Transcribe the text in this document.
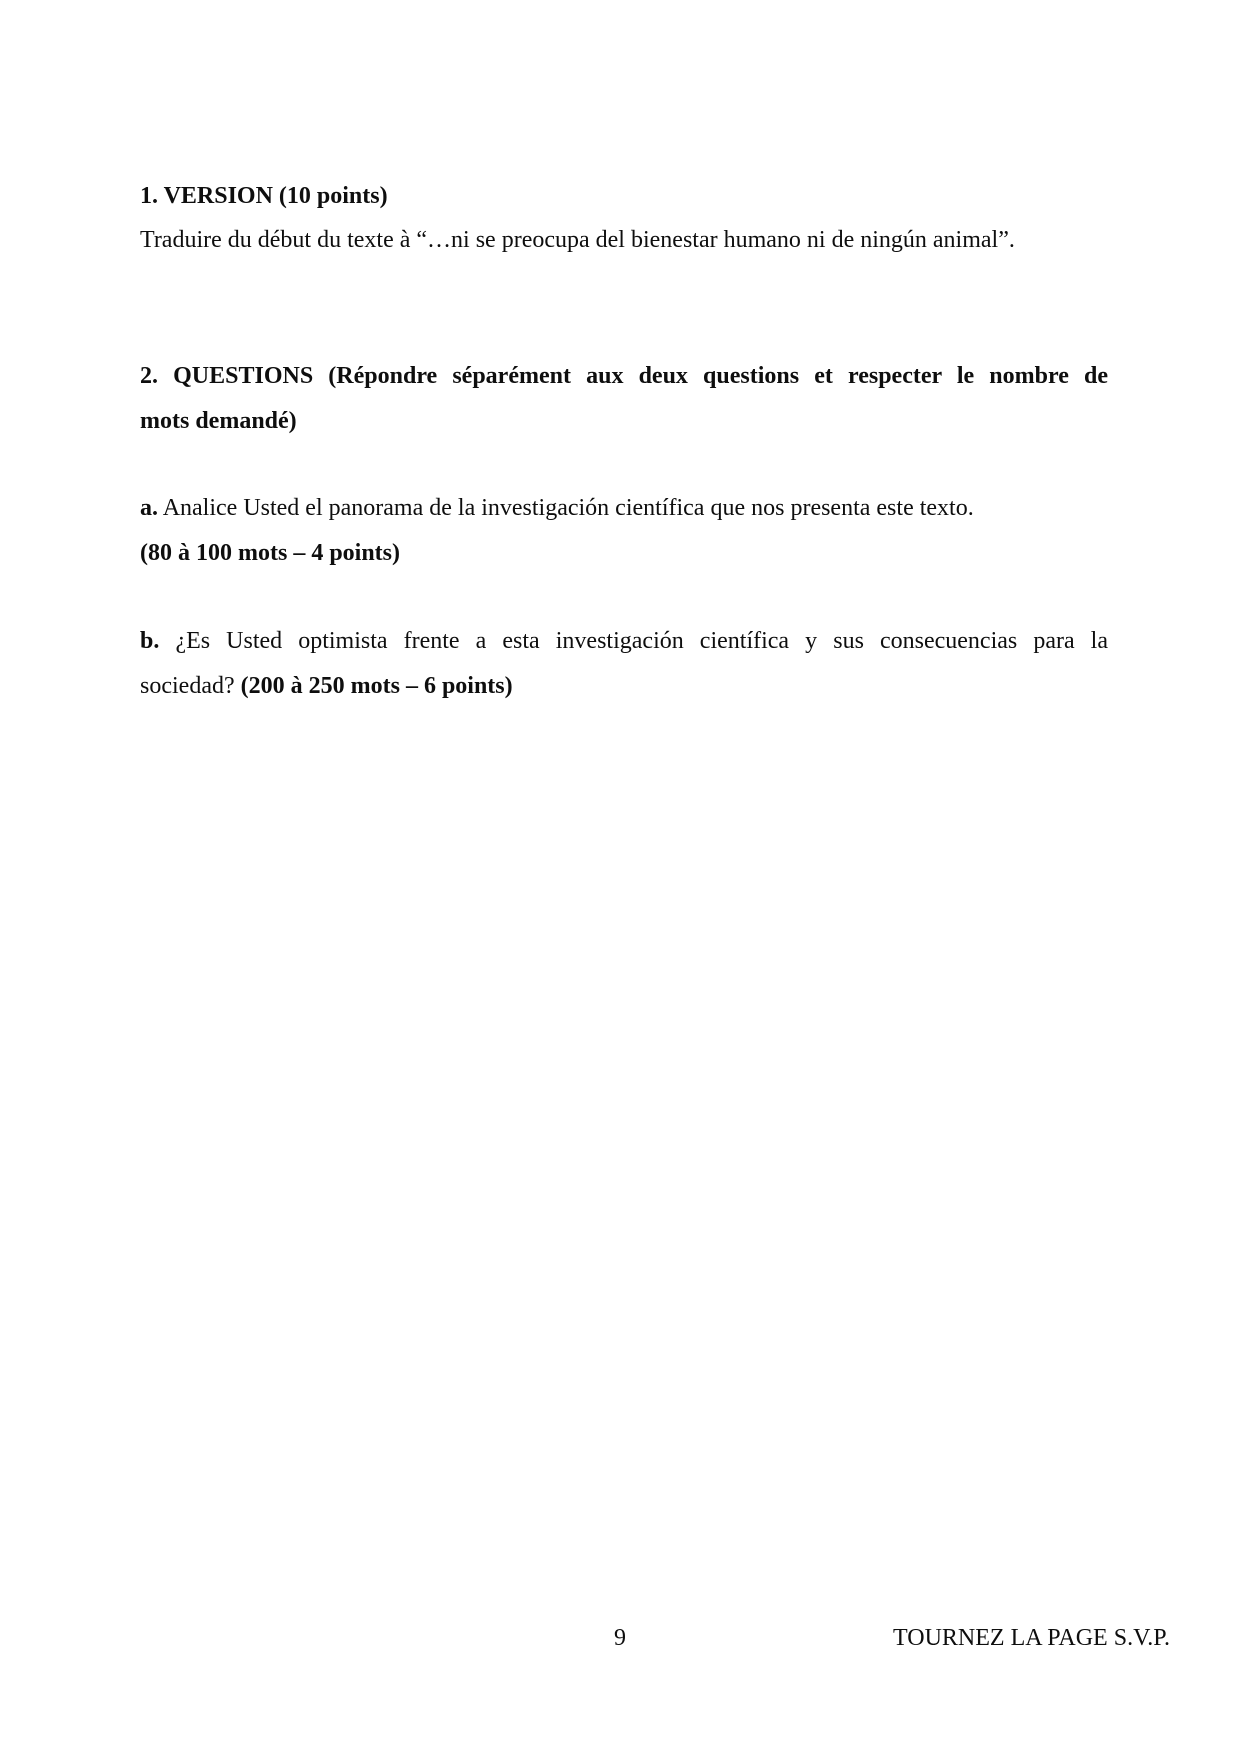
1. VERSION (10 points)
Traduire du début du texte à “…ni se preocupa del bienestar humano ni de ningún animal”.
2. QUESTIONS (Répondre séparément aux deux questions et respecter le nombre de
mots demandé)
a. Analice Usted el panorama de la investigación científica que nos presenta este texto.
(80 à 100 mots – 4 points)
b. ¿Es Usted optimista frente a esta investigación científica y sus consecuencias para la
sociedad? (200 à 250 mots – 6 points)
9	TOURNEZ LA PAGE S.V.P.
